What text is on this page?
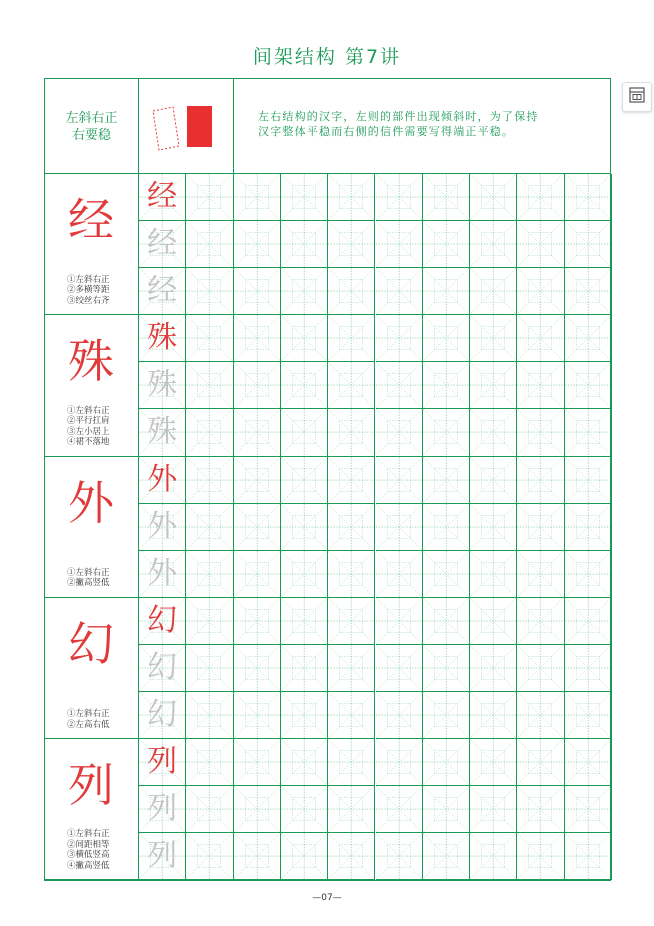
间架结构 第7讲
左斜右正
右要稳
左右结构的汉字，左则的部件出现倾斜时，为了保持
汉字整体平稳而右侧的信件需要写得端正平稳。
经
①左斜右正
②多横等距
③绞丝右齐
经
经
经
殊
①左斜右正
②平行扛肩
③左小居上
④裙不落地
殊
殊
殊
外
①左斜右正
②撇高竖低
外
外
外
幻
①左斜右正
②左高右低
幻
幻
幻
列
①左斜右正
②间距相等
③横低竖高
④撇高竖低
列
列
列
—07—
